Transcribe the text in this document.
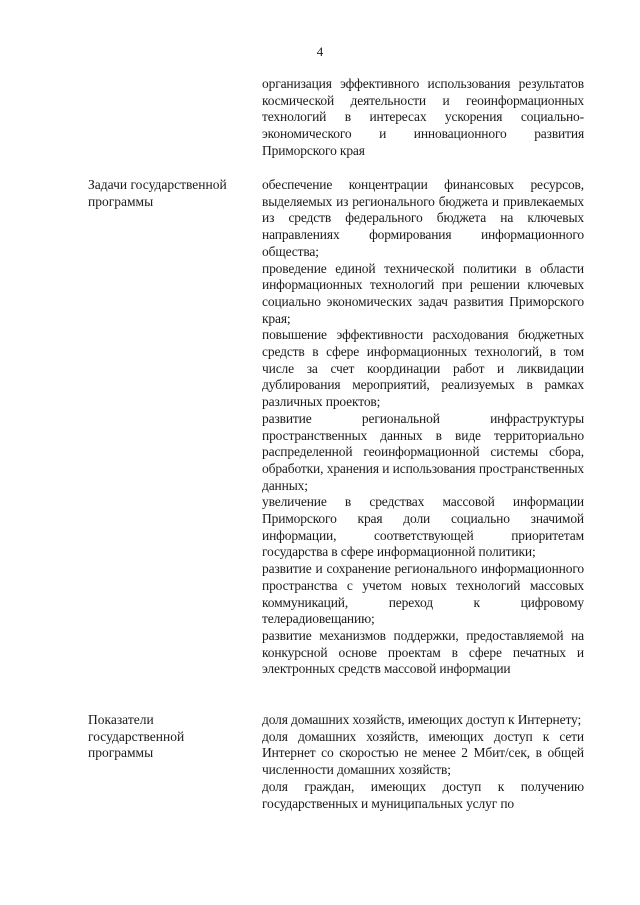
4

организация эффективного использования результатов космической деятельности и геоинформационных технологий в интересах ускорения социально-экономического и инновационного развития Приморского края

Задачи государственной программы

обеспечение концентрации финансовых ресурсов, выделяемых из регионального бюджета и привлекаемых из средств федерального бюджета на ключевых направлениях формирования информационного общества;

проведение единой технической политики в области информационных технологий при решении ключевых социально экономических задач развития Приморского края;

повышение эффективности расходования бюджетных средств в сфере информационных технологий, в том числе за счет координации работ и ликвидации дублирования мероприятий, реализуемых в рамках различных проектов;

развитие региональной инфраструктуры пространственных данных в виде территориально распределенной геоинформационной системы сбора, обработки, хранения и использования пространственных данных;

увеличение в средствах массовой информации Приморского края доли социально значимой информации, соответствующей приоритетам государства в сфере информационной политики;

развитие и сохранение регионального информационного пространства с учетом новых технологий массовых коммуникаций, переход к цифровому телерадиовещанию;

развитие механизмов поддержки, предоставляемой на конкурсной основе проектам в сфере печатных и электронных средств массовой информации

Показатели государственной программы

доля домашних хозяйств, имеющих доступ к Интернету;

доля домашних хозяйств, имеющих доступ к сети Интернет со скоростью не менее 2 Мбит/сек, в общей численности домашних хозяйств;

доля граждан, имеющих доступ к получению государственных и муниципальных услуг по
